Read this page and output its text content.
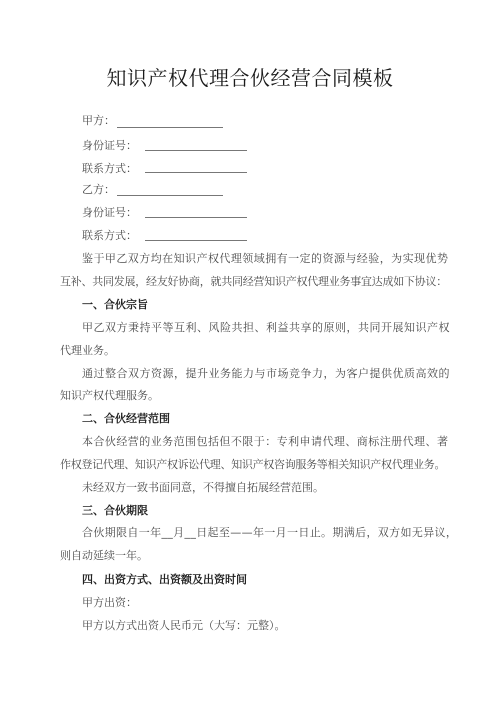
知识产权代理合伙经营合同模板
甲方：
身份证号：
联系方式：
乙方：
身份证号：
联系方式：
鉴于甲乙双方均在知识产权代理领域拥有一定的资源与经验，为实现优势
互补、共同发展，经友好协商，就共同经营知识产权代理业务事宜达成如下协议：
一、合伙宗旨
甲乙双方秉持平等互利、风险共担、利益共享的原则，共同开展知识产权
代理业务。
通过整合双方资源，提升业务能力与市场竞争力，为客户提供优质高效的
知识产权代理服务。
二、合伙经营范围
本合伙经营的业务范围包括但不限于：专利申请代理、商标注册代理、著
作权登记代理、知识产权诉讼代理、知识产权咨询服务等相关知识产权代理业务。
未经双方一致书面同意，不得擅自拓展经营范围。
三、合伙期限
合伙期限自一年__月__日起至——年一月一日止。期满后，双方如无异议，
则自动延续一年。
四、出资方式、出资额及出资时间
甲方出资：
甲方以方式出资人民币元（大写：元整）。
